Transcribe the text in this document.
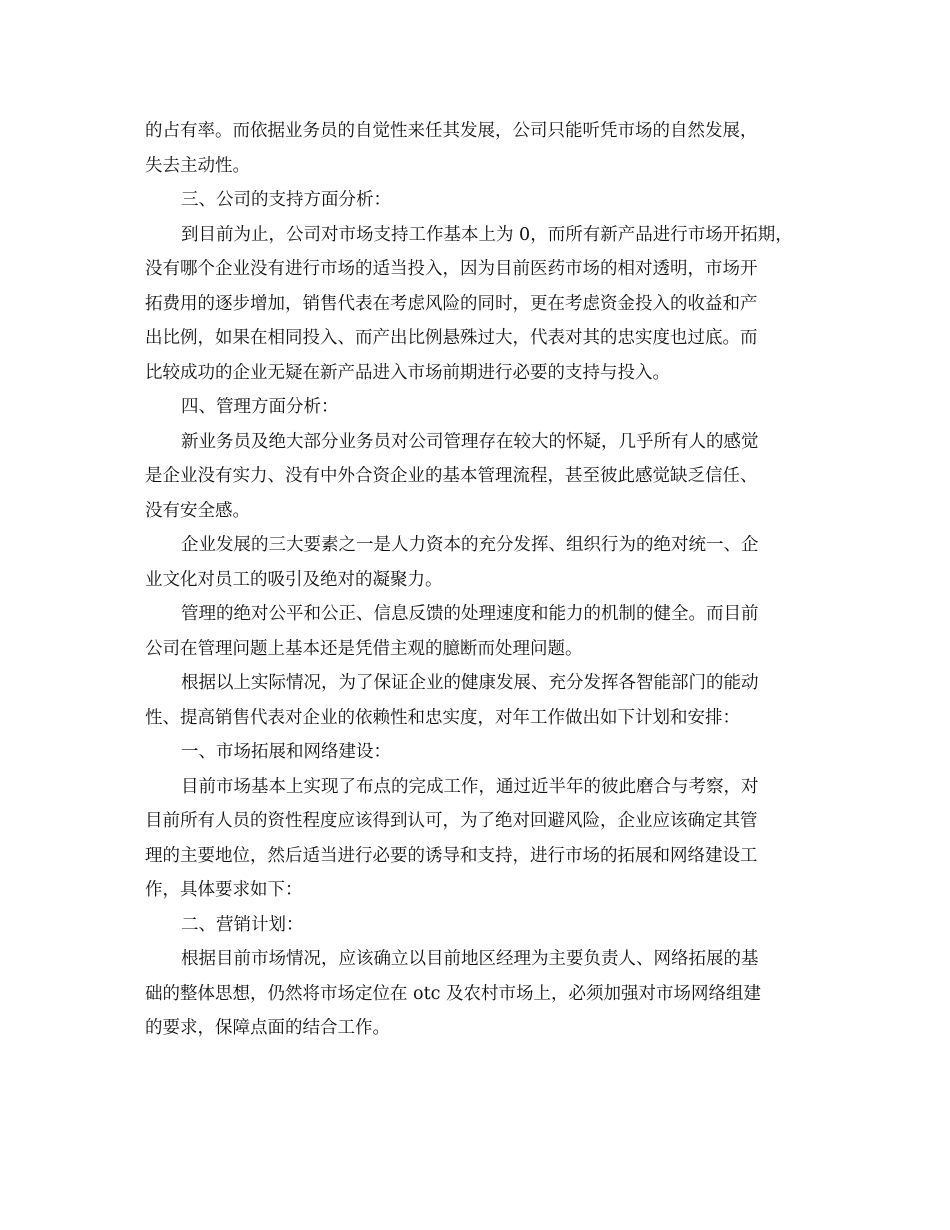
的占有率。而依据业务员的自觉性来任其发展，公司只能听凭市场的自然发展，
失去主动性。
三、公司的支持方面分析：
到目前为止，公司对市场支持工作基本上为 0，而所有新产品进行市场开拓期，
没有哪个企业没有进行市场的适当投入，因为目前医药市场的相对透明，市场开
拓费用的逐步增加，销售代表在考虑风险的同时，更在考虑资金投入的收益和产
出比例，如果在相同投入、而产出比例悬殊过大，代表对其的忠实度也过底。而
比较成功的企业无疑在新产品进入市场前期进行必要的支持与投入。
四、管理方面分析：
新业务员及绝大部分业务员对公司管理存在较大的怀疑，几乎所有人的感觉
是企业没有实力、没有中外合资企业的基本管理流程，甚至彼此感觉缺乏信任、
没有安全感。
企业发展的三大要素之一是人力资本的充分发挥、组织行为的绝对统一、企
业文化对员工的吸引及绝对的凝聚力。
管理的绝对公平和公正、信息反馈的处理速度和能力的机制的健全。而目前
公司在管理问题上基本还是凭借主观的臆断而处理问题。
根据以上实际情况，为了保证企业的健康发展、充分发挥各智能部门的能动
性、提高销售代表对企业的依赖性和忠实度，对年工作做出如下计划和安排：
一、市场拓展和网络建设：
目前市场基本上实现了布点的完成工作，通过近半年的彼此磨合与考察，对
目前所有人员的资性程度应该得到认可，为了绝对回避风险，企业应该确定其管
理的主要地位，然后适当进行必要的诱导和支持，进行市场的拓展和网络建设工
作，具体要求如下：
二、营销计划：
根据目前市场情况，应该确立以目前地区经理为主要负责人、网络拓展的基
础的整体思想，仍然将市场定位在 otc 及农村市场上，必须加强对市场网络组建
的要求，保障点面的结合工作。
